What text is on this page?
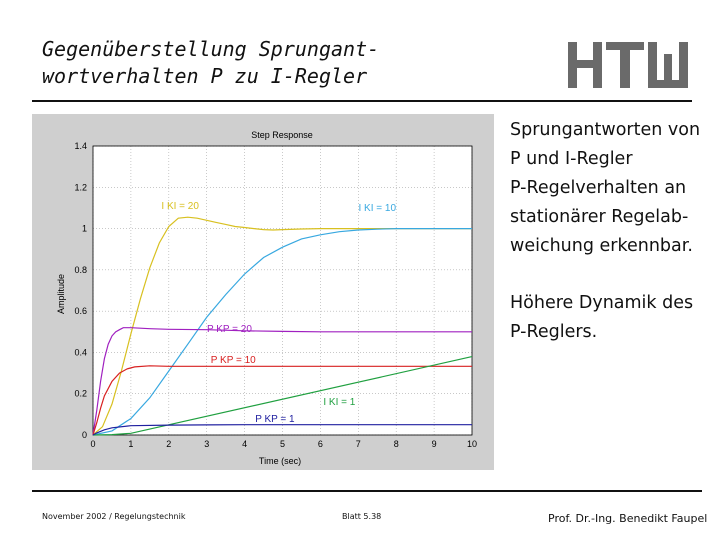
Gegenüberstellung Sprungant-
wortverhalten P zu I-Regler
I KI = 20	I KI = 10
P KP = 20
P KP = 10
I KI = 1
P KP = 1
0	1	2	3	4	5	6	7	8	9	10
0
0.2
0.4
0.6
0.8
1
1.2
1.4
Step Response
Time (sec)
Amplitude

Sprungantworten von
P und I-Regler
P-Regelverhalten an
stationärer Regelab-
weichung erkennbar.

Höhere Dynamik des
P-Reglers.

November 2002 / Regelungstechnik	Blatt 5.38	Prof. Dr.-Ing. Benedikt Faupel
